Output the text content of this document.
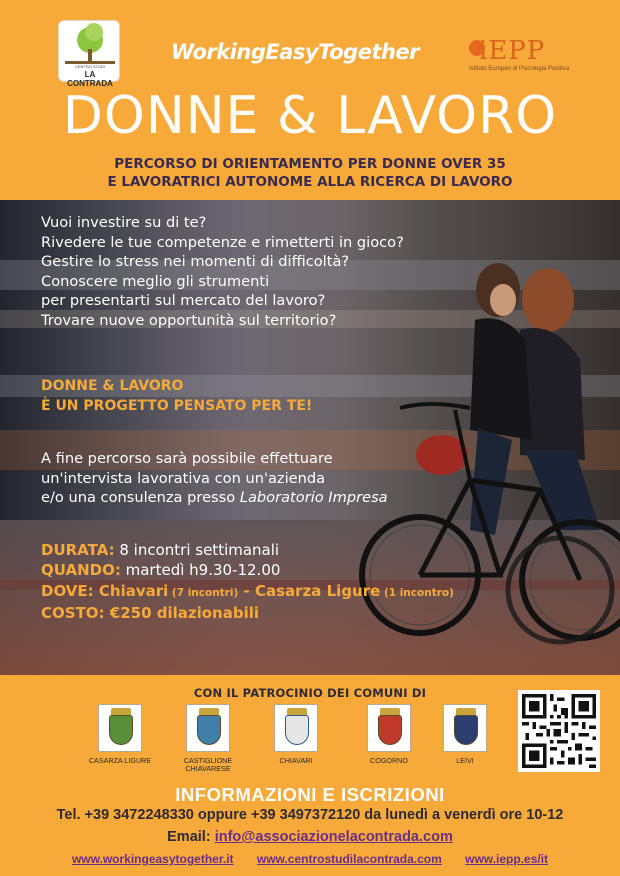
CENTRO STUDI
LA CONTRADA
WorkingEasyTogether	iEPP
Istituto Europeo di Psicologia Positiva
DONNE & LAVORO
PERCORSO DI ORIENTAMENTO PER DONNE OVER 35
E LAVORATRICI AUTONOME ALLA RICERCA DI LAVORO
Vuoi investire su di te?
Rivedere le tue competenze e rimetterti in gioco?
Gestire lo stress nei momenti di difficoltà?
Conoscere meglio gli strumenti
per presentarti sul mercato del lavoro?
Trovare nuove opportunità sul territorio?
DONNE & LAVORO
È UN PROGETTO PENSATO PER TE!
A fine percorso sarà possibile effettuare
un'intervista lavorativa con un'azienda
e/o una consulenza presso Laboratorio Impresa
DURATA: 8 incontri settimanali
QUANDO: martedì h9.30-12.00
DOVE: Chiavari (7 incontri) - Casarza Ligure (1 incontro)
COSTO: €250 dilazionabili
CON IL PATROCINIO DEI COMUNI DI
CASARZA LIGURE	CASTIGLIONE
CHIAVARESE
CHIAVARI	COGORNO	LEIVI
INFORMAZIONI E ISCRIZIONI
Tel. +39 3472248330 oppure +39 3497372120 da lunedì a venerdì ore 10-12
Email: info@associazionelacontrada.com
www.workingeasytogether.it www.centrostudilacontrada.com www.iepp.es/it
